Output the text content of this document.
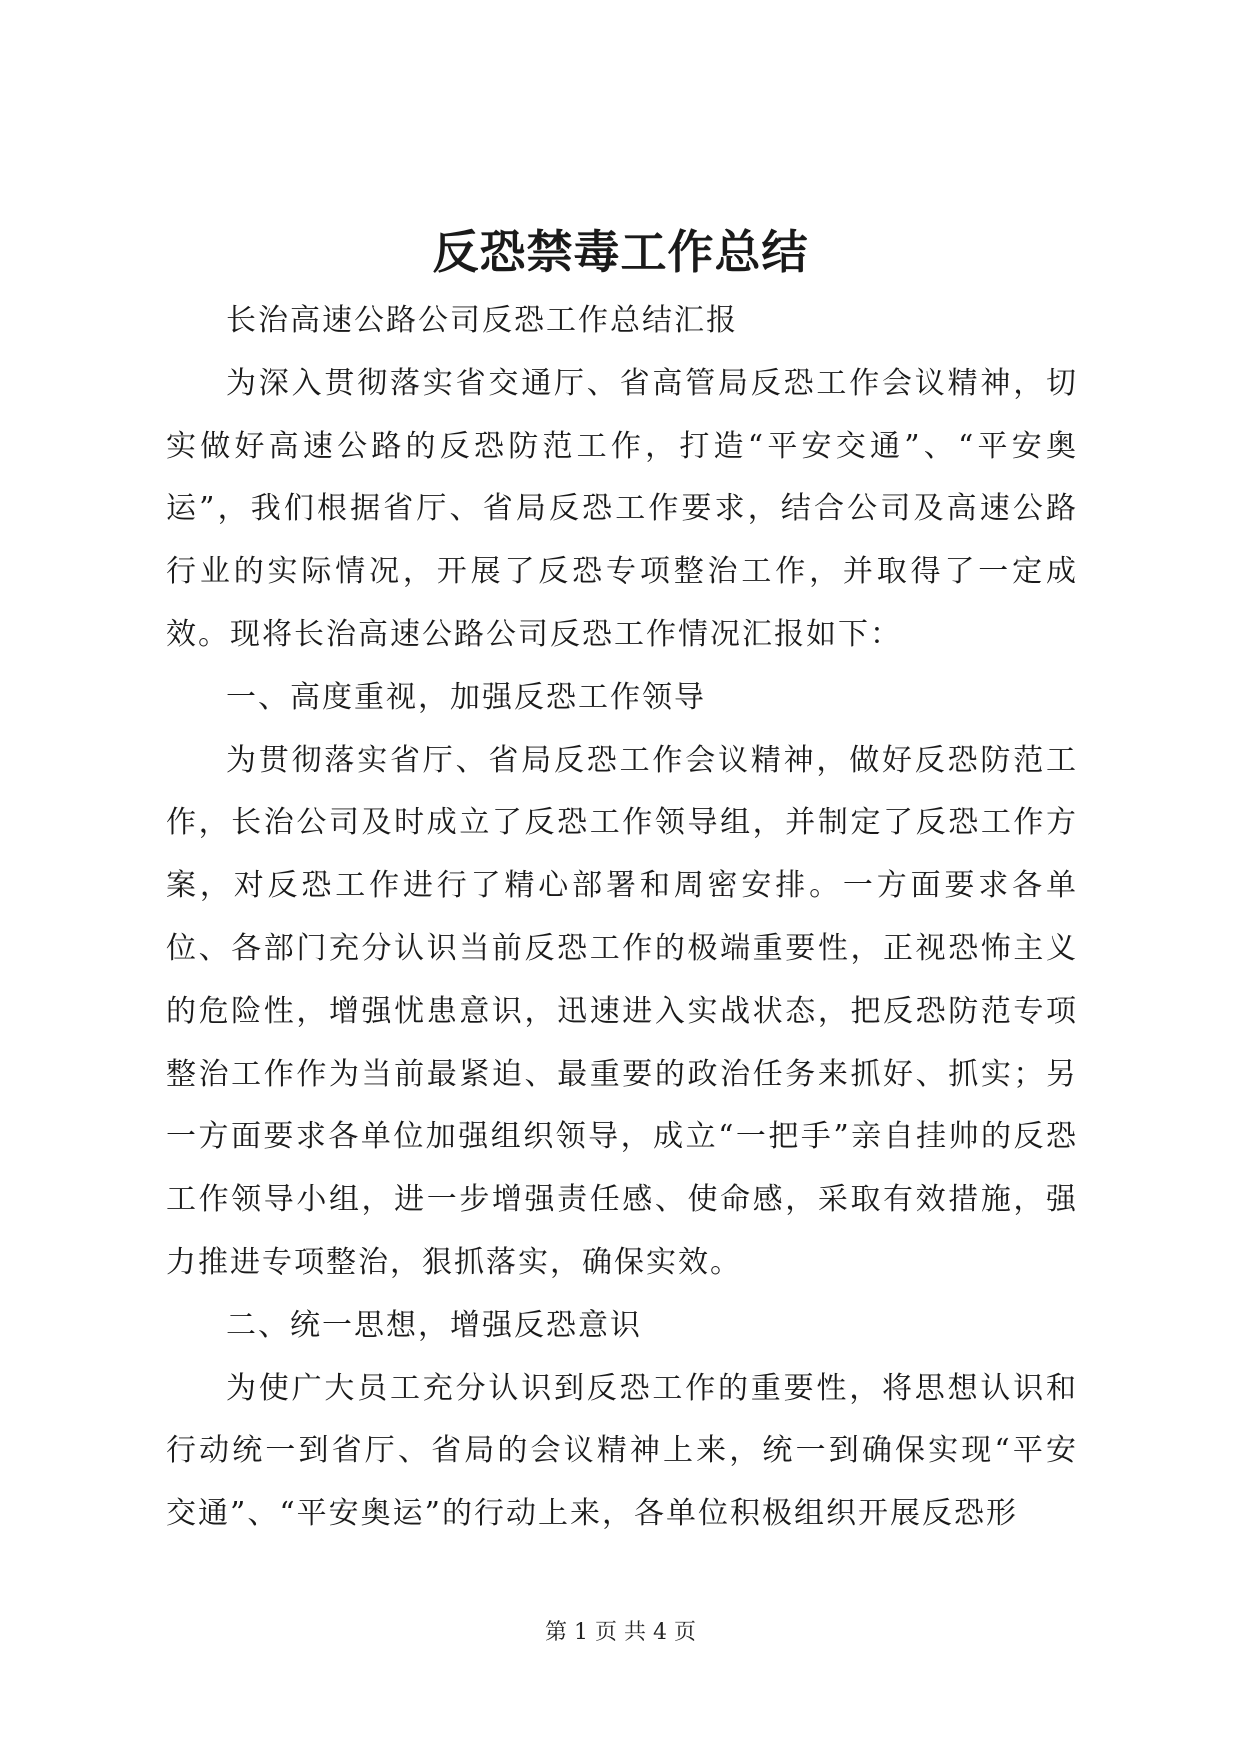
反恐禁毒工作总结

长治高速公路公司反恐工作总结汇报

为深入贯彻落实省交通厅、省高管局反恐工作会议精神，切实做好高速公路的反恐防范工作，打造“平安交通”、“平安奥运”，我们根据省厅、省局反恐工作要求，结合公司及高速公路行业的实际情况，开展了反恐专项整治工作，并取得了一定成效。现将长治高速公路公司反恐工作情况汇报如下：

一、高度重视，加强反恐工作领导

为贯彻落实省厅、省局反恐工作会议精神，做好反恐防范工作，长治公司及时成立了反恐工作领导组，并制定了反恐工作方案，对反恐工作进行了精心部署和周密安排。一方面要求各单位、各部门充分认识当前反恐工作的极端重要性，正视恐怖主义的危险性，增强忧患意识，迅速进入实战状态，把反恐防范专项整治工作作为当前最紧迫、最重要的政治任务来抓好、抓实；另一方面要求各单位加强组织领导，成立“一把手”亲自挂帅的反恐工作领导小组，进一步增强责任感、使命感，采取有效措施，强力推进专项整治，狠抓落实，确保实效。

二、统一思想，增强反恐意识

为使广大员工充分认识到反恐工作的重要性，将思想认识和行动统一到省厅、省局的会议精神上来，统一到确保实现“平安交通”、“平安奥运”的行动上来，各单位积极组织开展反恐形

第 1 页 共 4 页
